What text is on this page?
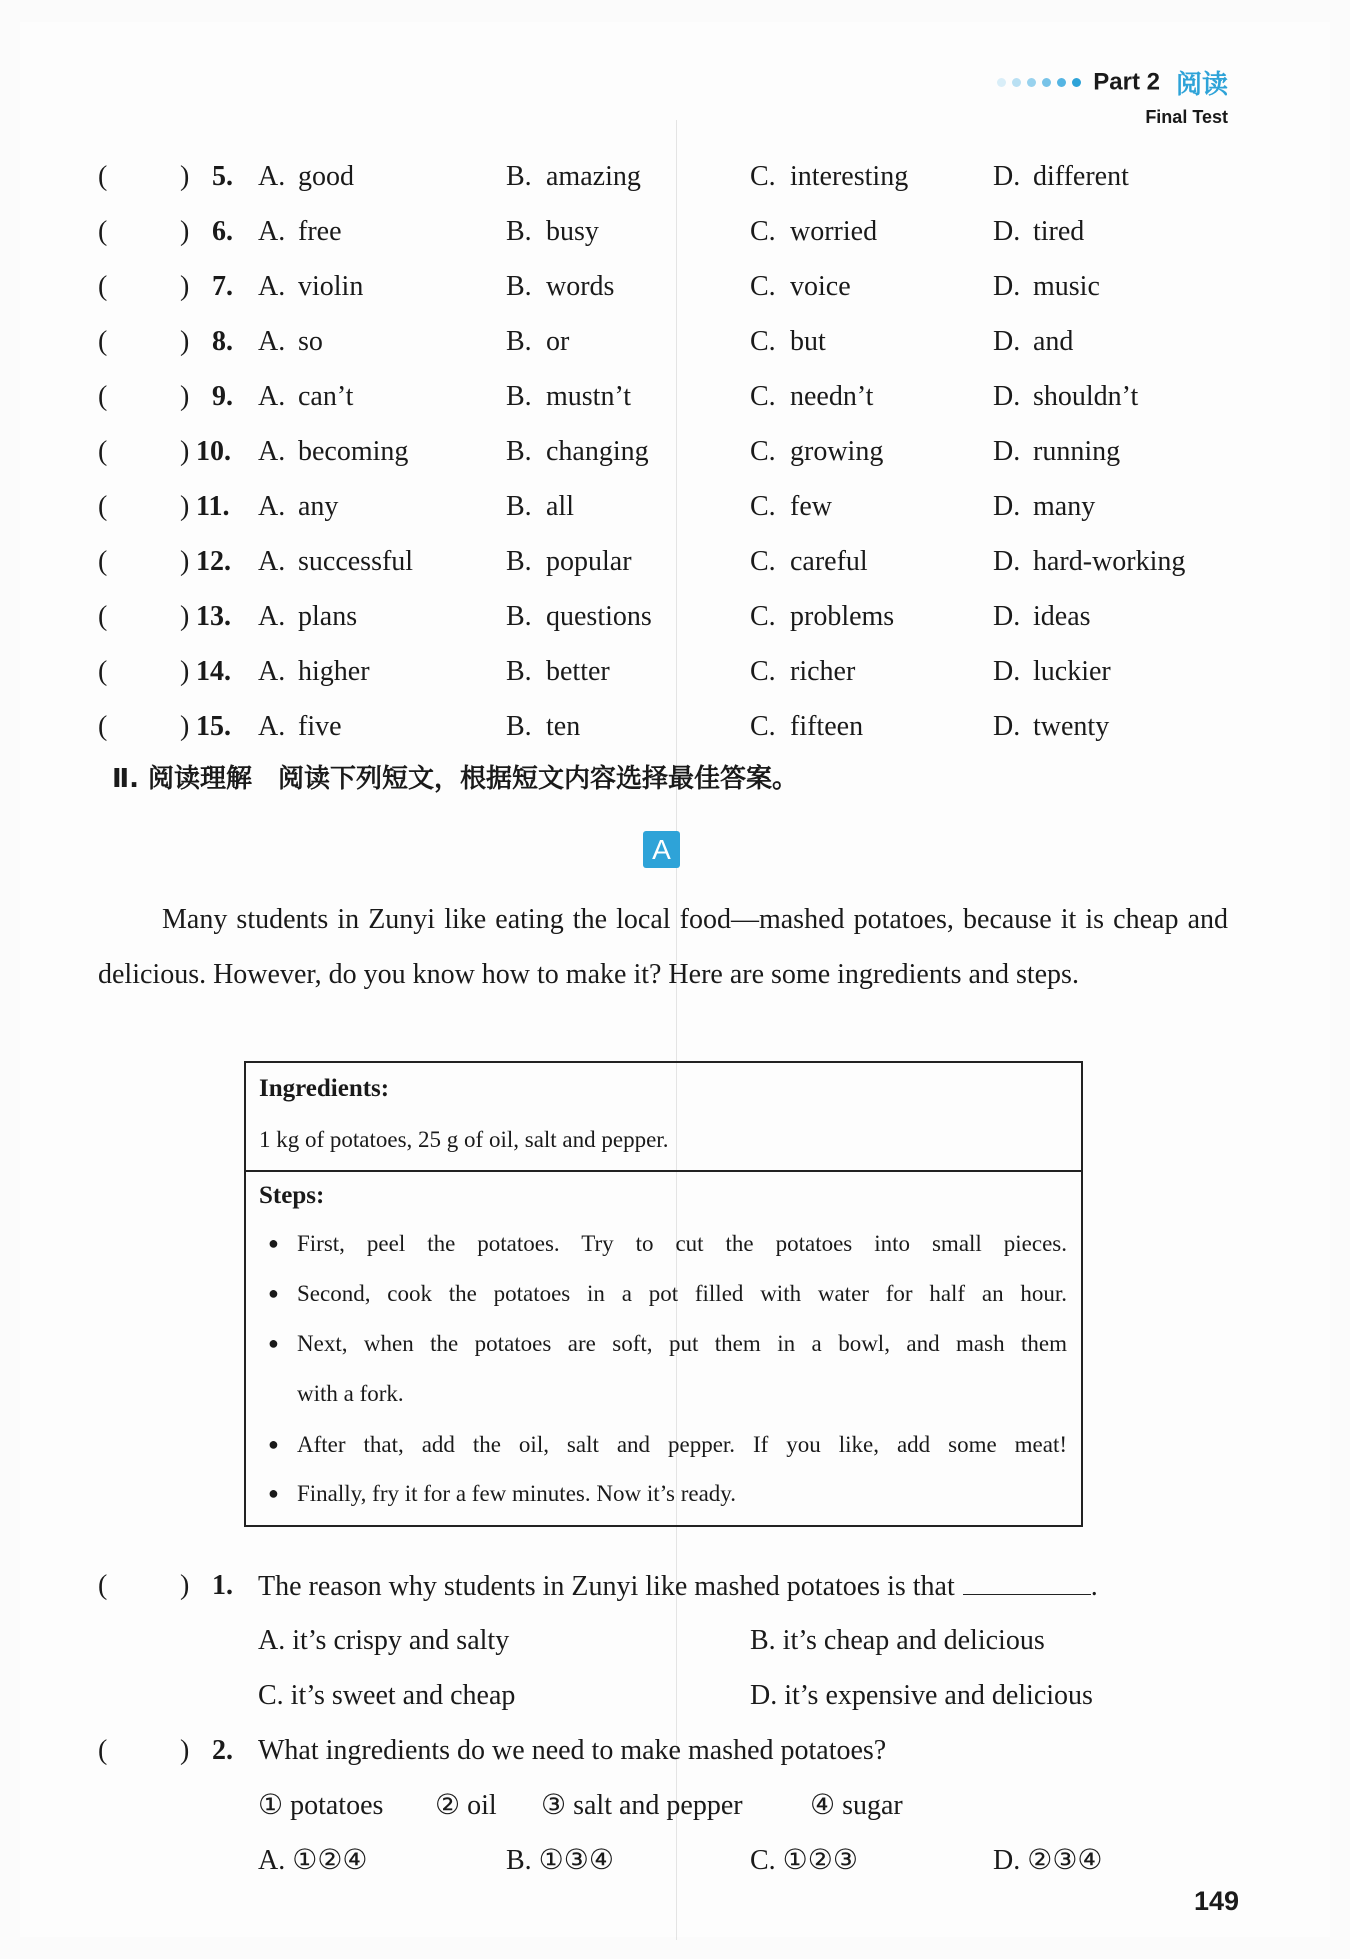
Part 2 阅读
Final Test
(	) 5. A. good	B. amazing	C. interesting	D. different
(	) 6. A. free	B. busy	C. worried	D. tired
(	) 7. A. violin	B. words	C. voice	D. music
(	) 8. A. so	B. or	C. but	D. and
(	) 9. A. can’t	B. mustn’t	C. needn’t	D. shouldn’t
(	) 10. A. becoming	B. changing	C. growing	D. running
(	) 11. A. any	B. all	C. few	D. many
(	) 12. A. successful	B. popular	C. careful	D. hard-working
(	) 13. A. plans	B. questions	C. problems	D. ideas
(	) 14. A. higher	B. better	C. richer	D. luckier
(	) 15. A. five	B. ten	C. fifteen	D. twenty
Ⅱ. 阅读理解　阅读下列短文，根据短文内容选择最佳答案。
A
Many students in Zunyi like eating the local food—mashed potatoes, because it is cheap and delicious. However, do you know how to make it? Here are some ingredients and steps.
Ingredients:
1 kg of potatoes, 25 g of oil, salt and pepper.
Steps:
● First, peel the potatoes. Try to cut the potatoes into small pieces.
● Second, cook the potatoes in a pot filled with water for half an hour.
● Next, when the potatoes are soft, put them in a bowl, and mash them
with a fork.
● After that, add the oil, salt and pepper. If you like, add some meat!
● Finally, fry it for a few minutes. Now it’s ready.
(	) 1. The reason why students in Zunyi like mashed potatoes is that	.
A. it’s crispy and salty	B. it’s cheap and delicious
C. it’s sweet and cheap	D. it’s expensive and delicious
(	) 2. What ingredients do we need to make mashed potatoes?
① potatoes ② oil ③ salt and pepper ④ sugar
A. ①②④	B. ①③④	C. ①②③	D. ②③④
149
